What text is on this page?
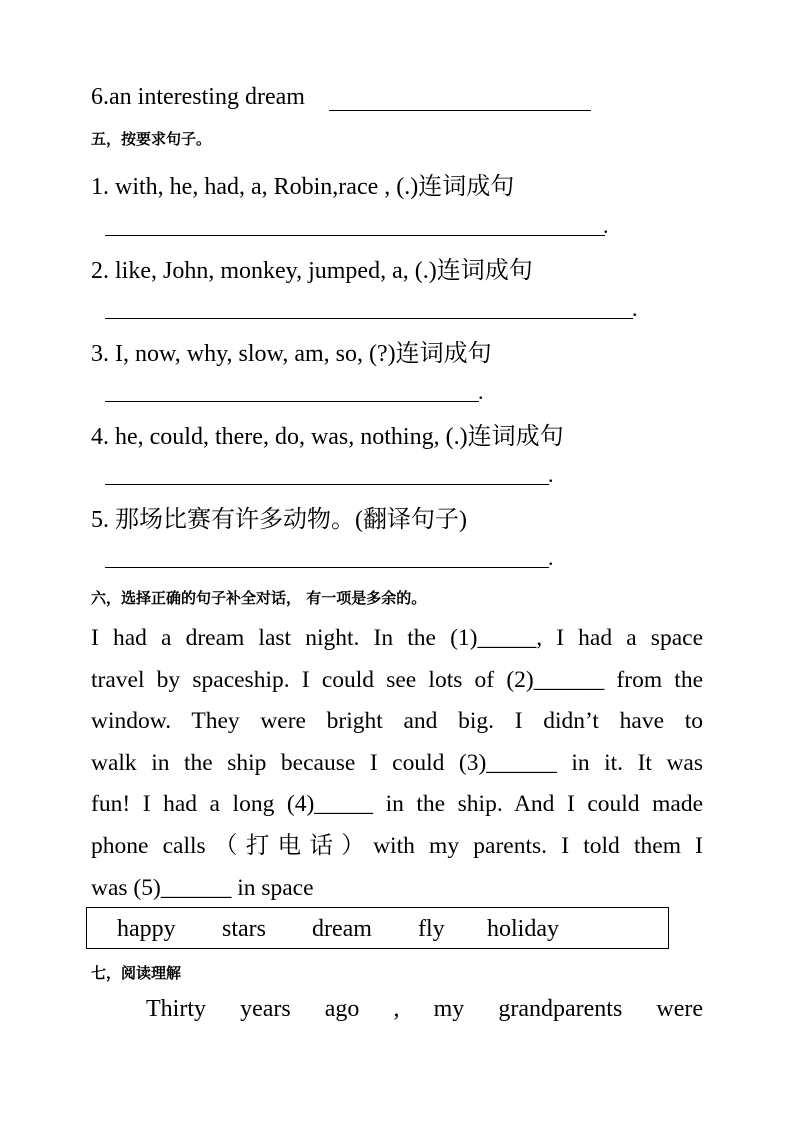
6.an interesting dream
五，按要求句子。
1. with, he, had, a, Robin,race , (.)连词成句
.
2. like, John, monkey, jumped, a, (.)连词成句
.
3. I, now, why, slow, am, so, (?)连词成句
.
4. he, could, there, do, was, nothing, (.)连词成句
.
5. 那场比赛有许多动物。(翻译句子)
.
六，选择正确的句子补全对话， 有一项是多余的。
I had a dream last night. In the (1)_____, I had a space
travel by spaceship. I could see lots of (2)______ from the
window. They were bright and big. I didn’t have to
walk in the ship because I could (3)______ in it. It was
fun! I had a long (4)_____ in the ship. And I could made
phone calls（打电话）with my parents. I told them I
was (5)______ in space
happy stars dream fly holiday
七，阅读理解
Thirty years ago , my grandparents were
